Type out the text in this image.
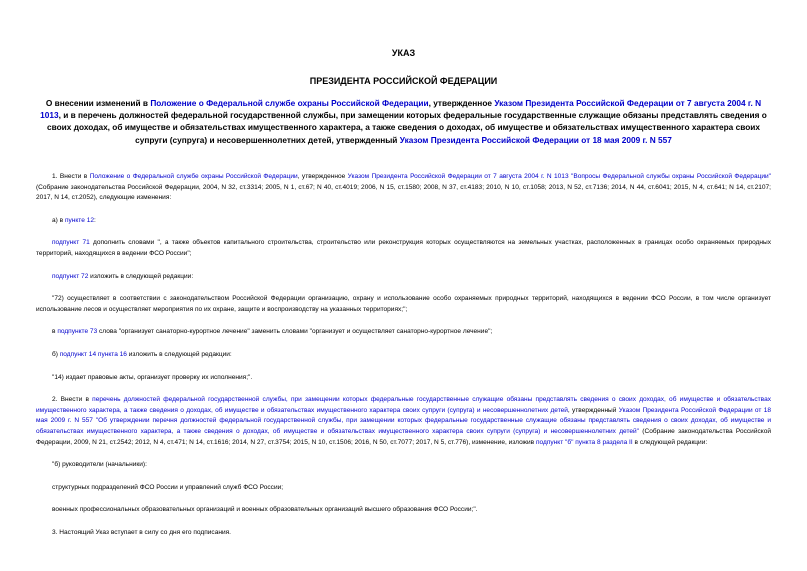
УКАЗ
ПРЕЗИДЕНТА РОССИЙСКОЙ ФЕДЕРАЦИИ
О внесении изменений в Положение о Федеральной службе охраны Российской Федерации, утвержденное Указом Президента Российской Федерации от 7 августа 2004 г. N 1013, и в перечень должностей федеральной государственной службы, при замещении которых федеральные государственные служащие обязаны представлять сведения о своих доходах, об имуществе и обязательствах имущественного характера, а также сведения о доходах, об имуществе и обязательствах имущественного характера своих супруги (супруга) и несовершеннолетних детей, утвержденный Указом Президента Российской Федерации от 18 мая 2009 г. N 557

1. Внести в Положение о Федеральной службе охраны Российской Федерации, утвержденное Указом Президента Российской Федерации от 7 августа 2004 г. N 1013 "Вопросы Федеральной службы охраны Российской Федерации" (Собрание законодательства Российской Федерации, 2004, N 32, ст.3314; 2005, N 1, ст.67; N 40, ст.4019; 2006, N 15, ст.1580; 2008, N 37, ст.4183; 2010, N 10, ст.1058; 2013, N 52, ст.7136; 2014, N 44, ст.6041; 2015, N 4, ст.641; N 14, ст.2107; 2017, N 14, ст.2052), следующие изменения:

а) в пункте 12:

подпункт 71 дополнить словами ", а также объектов капитального строительства, строительство или реконструкция которых осуществляются на земельных участках, расположенных в границах особо охраняемых природных территорий, находящихся в ведении ФСО России";

подпункт 72 изложить в следующей редакции:

"72) осуществляет в соответствии с законодательством Российской Федерации организацию, охрану и использование особо охраняемых природных территорий, находящихся в ведении ФСО России, в том числе организует использование лесов и осуществляет мероприятия по их охране, защите и воспроизводству на указанных территориях;";

в подпункте 73 слова "организует санаторно-курортное лечение" заменить словами "организует и осуществляет санаторно-курортное лечение";

б) подпункт 14 пункта 16 изложить в следующей редакции:

"14) издает правовые акты, организует проверку их исполнения;".

2. Внести в перечень должностей федеральной государственной службы, при замещении которых федеральные государственные служащие обязаны представлять сведения о своих доходах, об имуществе и обязательствах имущественного характера, а также сведения о доходах, об имуществе и обязательствах имущественного характера своих супруги (супруга) и несовершеннолетних детей, утвержденный Указом Президента Российской Федерации от 18 мая 2009 г. N 557 "Об утверждении перечня должностей федеральной государственной службы, при замещении которых федеральные государственные служащие обязаны представлять сведения о своих доходах, об имуществе и обязательствах имущественного характера, а также сведения о доходах, об имуществе и обязательствах имущественного характера своих супруги (супруга) и несовершеннолетних детей" (Собрание законодательства Российской Федерации, 2009, N 21, ст.2542; 2012, N 4, ст.471; N 14, ст.1616; 2014, N 27, ст.3754; 2015, N 10, ст.1506; 2016, N 50, ст.7077; 2017, N 5, ст.776), изменение, изложив подпункт "б" пункта 8 раздела II в следующей редакции:

"б) руководители (начальники):

структурных подразделений ФСО России и управлений служб ФСО России;

военных профессиональных образовательных организаций и военных образовательных организаций высшего образования ФСО России;".

3. Настоящий Указ вступает в силу со дня его подписания.
